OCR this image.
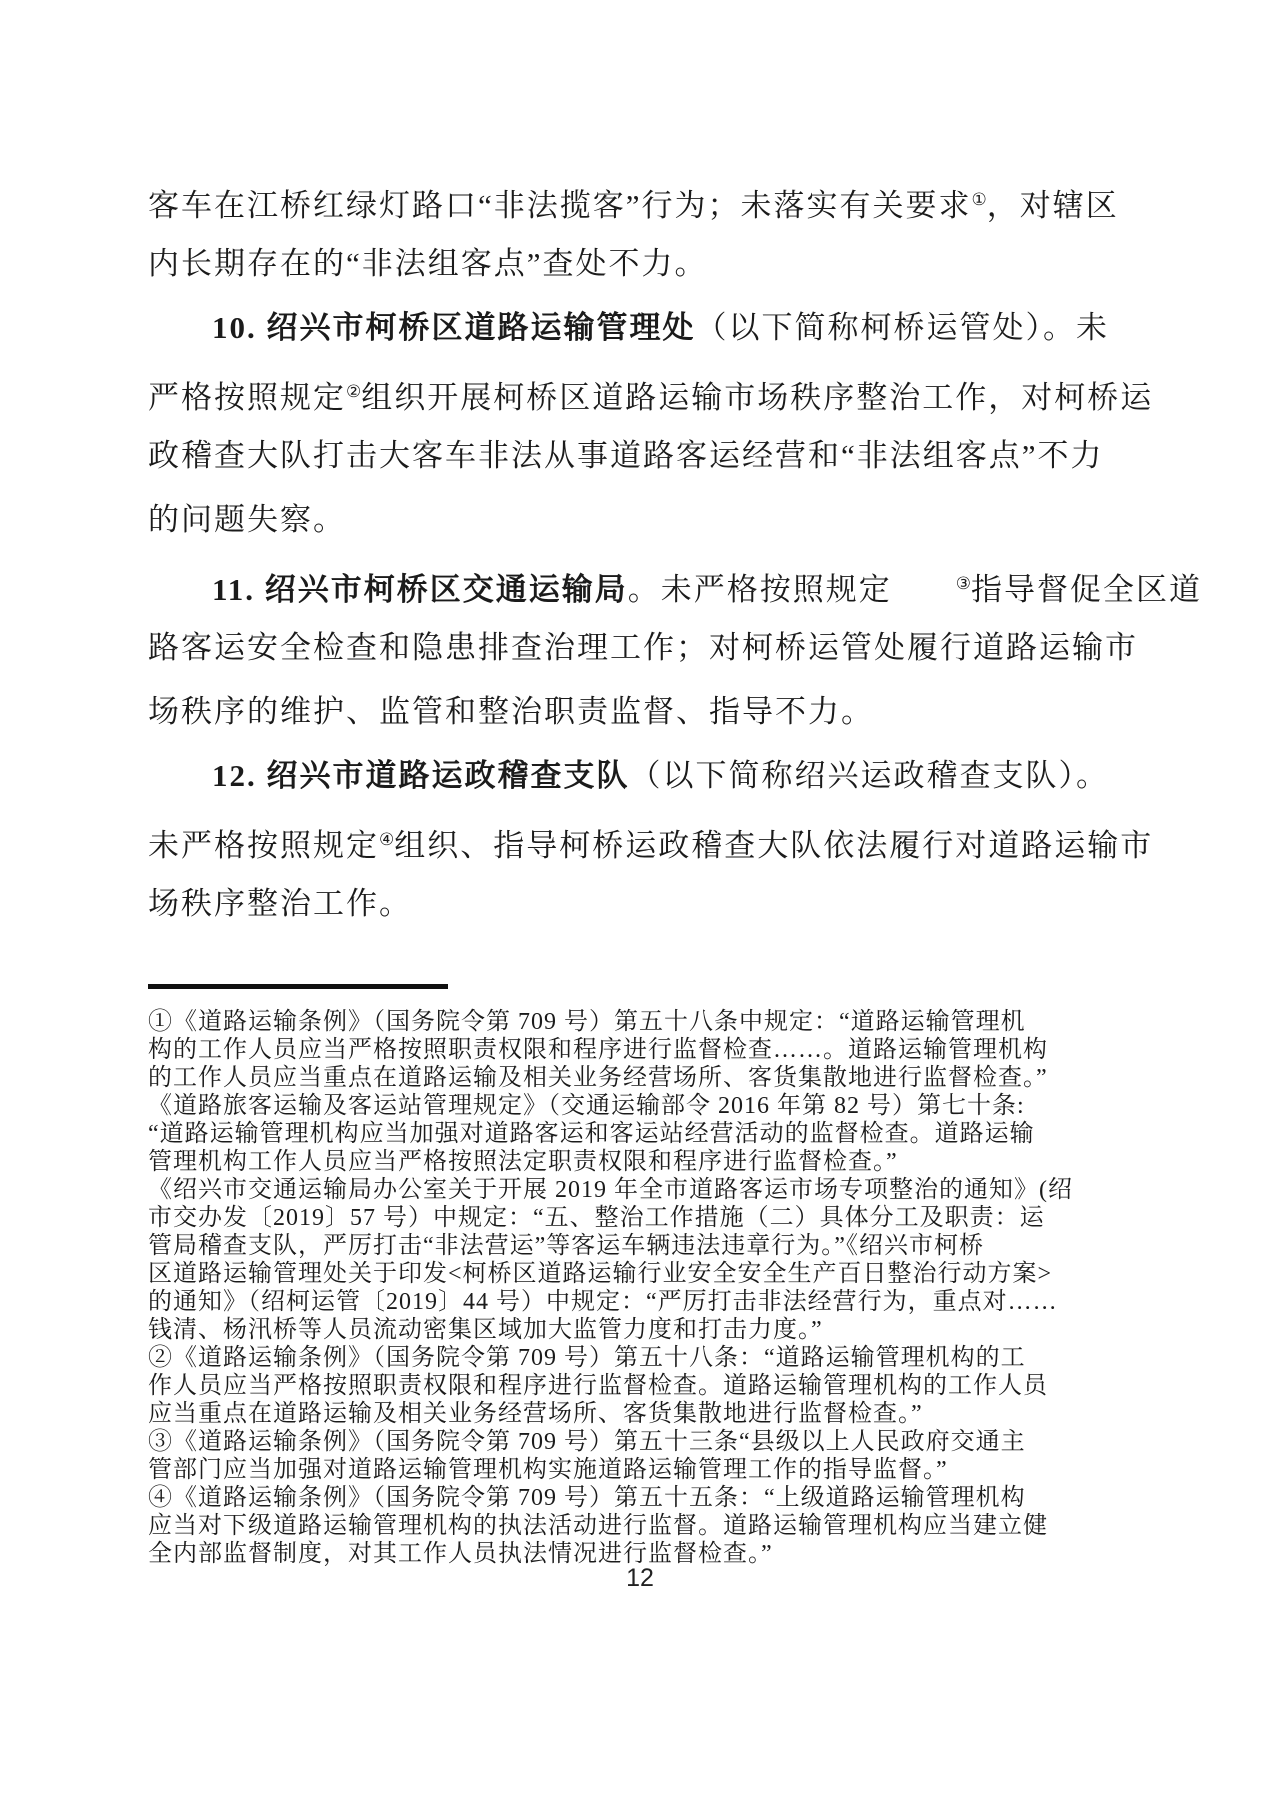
客车在江桥红绿灯路口“非法揽客”行为；未落实有关要求①，对辖区
内长期存在的“非法组客点”查处不力。
10. 绍兴市柯桥区道路运输管理处（以下简称柯桥运管处）。未
严格按照规定②组织开展柯桥区道路运输市场秩序整治工作，对柯桥运
政稽查大队打击大客车非法从事道路客运经营和“非法组客点”不力
的问题失察。
11. 绍兴市柯桥区交通运输局。未严格按照规定	③指导督促全区道
路客运安全检查和隐患排查治理工作；对柯桥运管处履行道路运输市
场秩序的维护、监管和整治职责监督、指导不力。
12. 绍兴市道路运政稽查支队（以下简称绍兴运政稽查支队）。
未严格按照规定④组织、指导柯桥运政稽查大队依法履行对道路运输市
场秩序整治工作。
①《道路运输条例》（国务院令第 709 号）第五十八条中规定：“道路运输管理机
构的工作人员应当严格按照职责权限和程序进行监督检查……。道路运输管理机构
的工作人员应当重点在道路运输及相关业务经营场所、客货集散地进行监督检查。”
《道路旅客运输及客运站管理规定》（交通运输部令 2016 年第 82 号）第七十条:
“道路运输管理机构应当加强对道路客运和客运站经营活动的监督检查。道路运输
管理机构工作人员应当严格按照法定职责权限和程序进行监督检查。”
《绍兴市交通运输局办公室关于开展 2019 年全市道路客运市场专项整治的通知》(绍
市交办发〔2019〕57 号）中规定：“五、整治工作措施（二）具体分工及职责：运
管局稽查支队，严厉打击“非法营运”等客运车辆违法违章行为。”《绍兴市柯桥
区道路运输管理处关于印发<柯桥区道路运输行业安全安全生产百日整治行动方案>
的通知》（绍柯运管〔2019〕44 号）中规定：“严厉打击非法经营行为，重点对……
钱清、杨汛桥等人员流动密集区域加大监管力度和打击力度。”
②《道路运输条例》（国务院令第 709 号）第五十八条：“道路运输管理机构的工
作人员应当严格按照职责权限和程序进行监督检查。道路运输管理机构的工作人员
应当重点在道路运输及相关业务经营场所、客货集散地进行监督检查。”
③《道路运输条例》（国务院令第 709 号）第五十三条“县级以上人民政府交通主
管部门应当加强对道路运输管理机构实施道路运输管理工作的指导监督。”
④《道路运输条例》（国务院令第 709 号）第五十五条：“上级道路运输管理机构
应当对下级道路运输管理机构的执法活动进行监督。道路运输管理机构应当建立健
全内部监督制度，对其工作人员执法情况进行监督检查。”
12
